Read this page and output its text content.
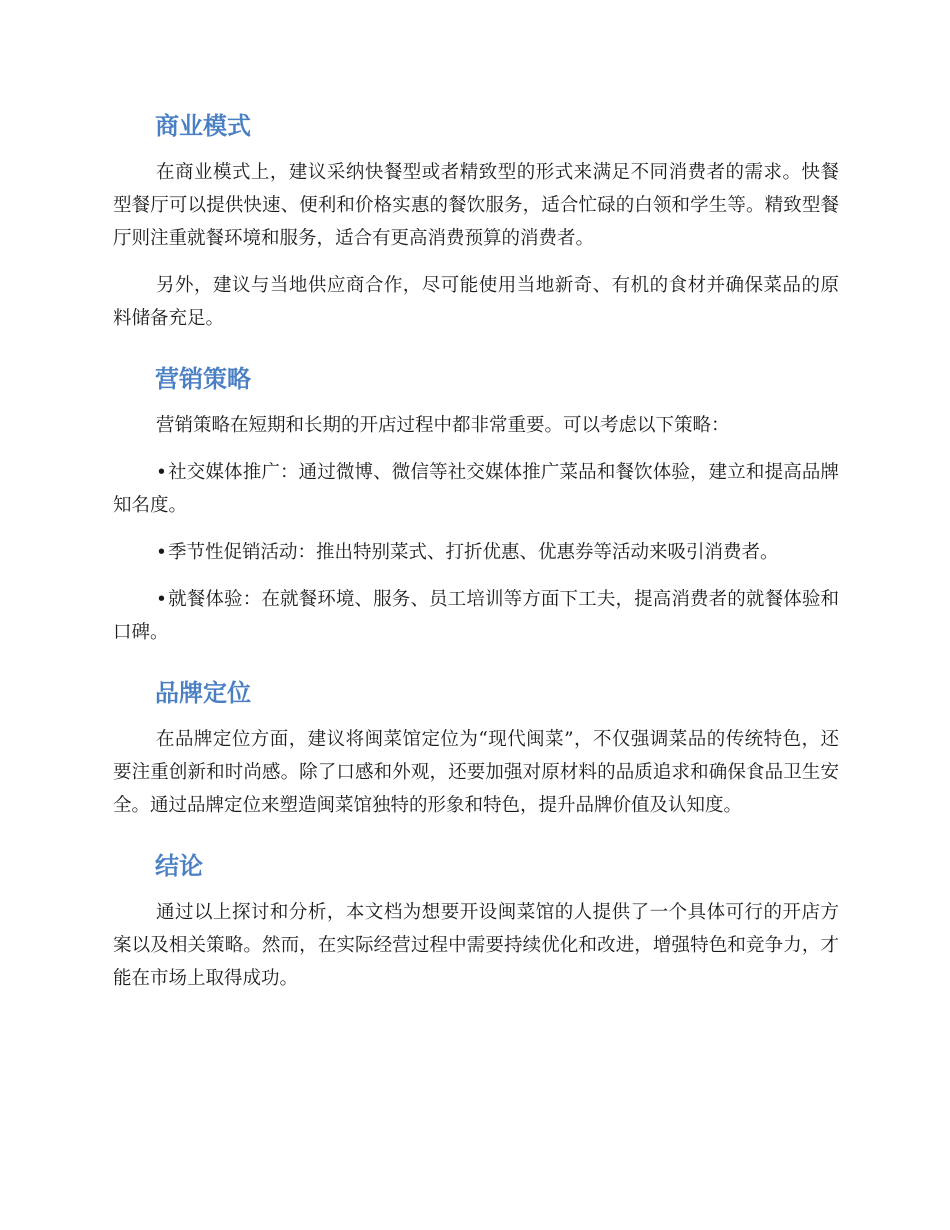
商业模式

在商业模式上，建议采纳快餐型或者精致型的形式来满足不同消费者的需求。快餐型餐厅可以提供快速、便利和价格实惠的餐饮服务，适合忙碌的白领和学生等。精致型餐厅则注重就餐环境和服务，适合有更高消费预算的消费者。

另外，建议与当地供应商合作，尽可能使用当地新奇、有机的食材并确保菜品的原料储备充足。

营销策略

营销策略在短期和长期的开店过程中都非常重要。可以考虑以下策略：

•社交媒体推广：通过微博、微信等社交媒体推广菜品和餐饮体验，建立和提高品牌知名度。

•季节性促销活动：推出特别菜式、打折优惠、优惠券等活动来吸引消费者。

•就餐体验：在就餐环境、服务、员工培训等方面下工夫，提高消费者的就餐体验和口碑。

品牌定位

在品牌定位方面，建议将闽菜馆定位为“现代闽菜”，不仅强调菜品的传统特色，还要注重创新和时尚感。除了口感和外观，还要加强对原材料的品质追求和确保食品卫生安全。通过品牌定位来塑造闽菜馆独特的形象和特色，提升品牌价值及认知度。

结论

通过以上探讨和分析，本文档为想要开设闽菜馆的人提供了一个具体可行的开店方案以及相关策略。然而，在实际经营过程中需要持续优化和改进，增强特色和竞争力，才能在市场上取得成功。
